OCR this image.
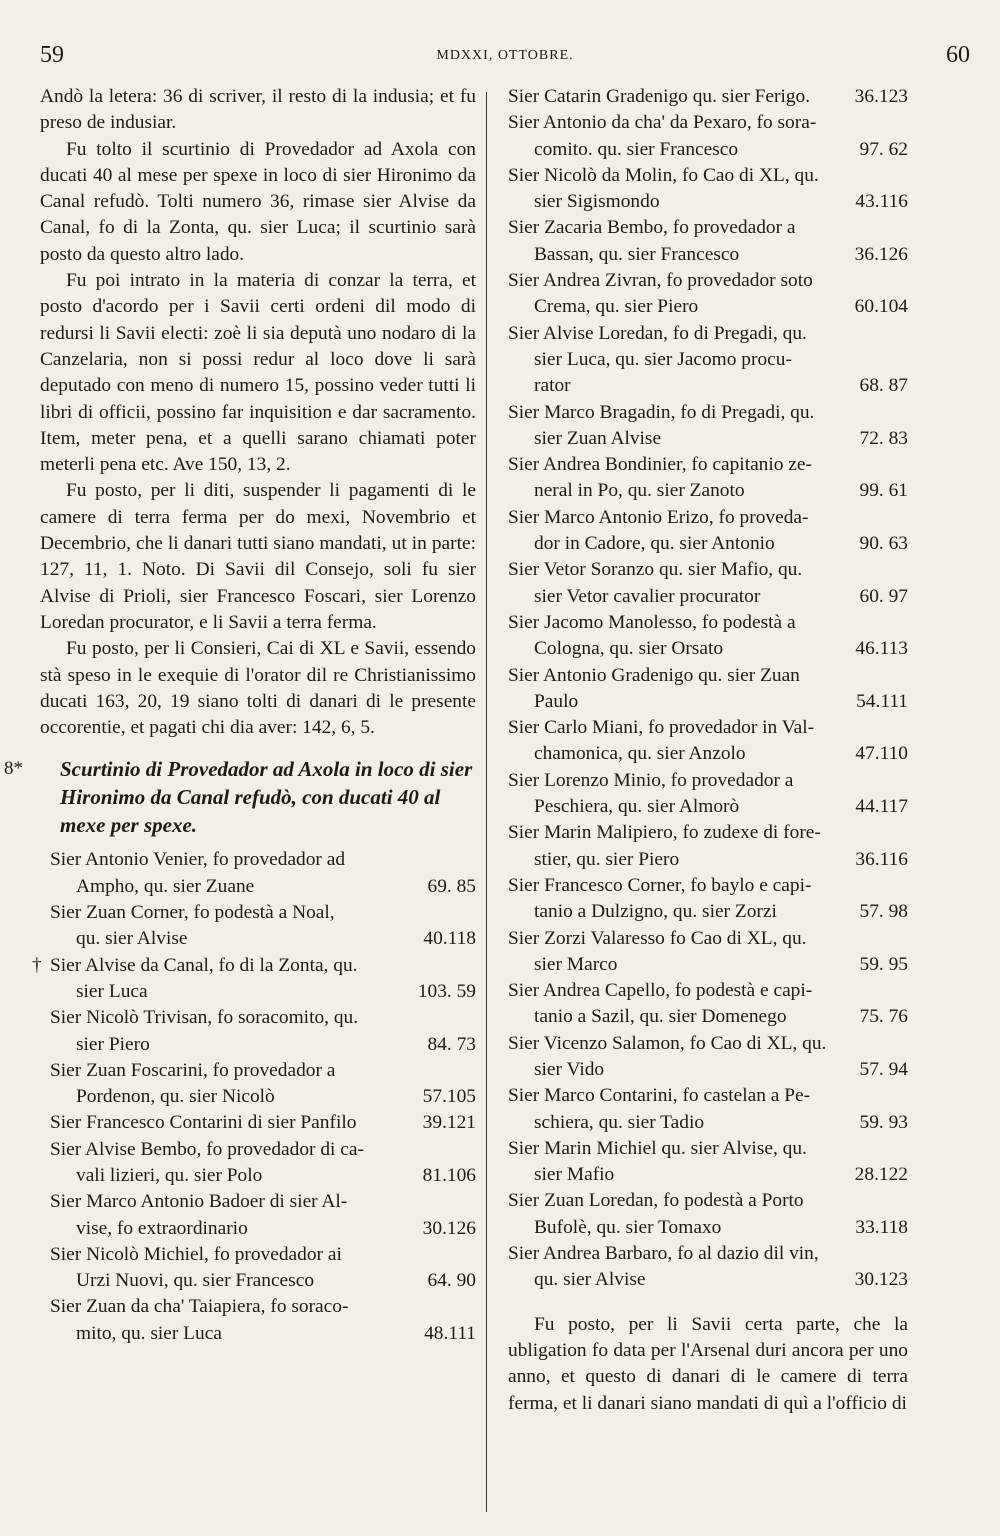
59	MDXXI, OTTOBRE.	60

Andò la letera: 36 di scriver, il resto di la indusia; et fu preso de indusiar.

Fu tolto il scurtinio di Provedador ad Axola con ducati 40 al mese per spexe in loco di sier Hironimo da Canal refudò. Tolti numero 36, rimase sier Alvise da Canal, fo di la Zonta, qu. sier Luca; il scurtinio sarà posto da questo altro lado.

Fu poi intrato in la materia di conzar la terra, et posto d'acordo per i Savii certi ordeni dil modo di redursi li Savii electi: zoè li sia deputà uno nodaro di la Canzelaria, non si possi redur al loco dove li sarà deputado con meno di numero 15, possino veder tutti li libri di officii, possino far inquisition e dar sacramento. Item, meter pena, et a quelli sarano chiamati poter meterli pena etc. Ave 150, 13, 2.

Fu posto, per li diti, suspender li pagamenti di le camere di terra ferma per do mexi, Novembrio et Decembrio, che li danari tutti siano mandati, ut in parte: 127, 11, 1. Noto. Di Savii dil Consejo, soli fu sier Alvise di Prioli, sier Francesco Foscari, sier Lorenzo Loredan procurator, e li Savii a terra ferma.

Fu posto, per li Consieri, Cai di XL e Savii, essendo stà speso in le exequie di l'orator dil re Christianissimo ducati 163, 20, 19 siano tolti di danari di le presente occorentie, et pagati chi dia aver: 142, 6, 5.

8* Scurtinio di Provedador ad Axola in loco di sier Hironimo da Canal refudò, con ducati 40 al mexe per spexe.
Sier Antonio Venier, fo provedador ad
Ampho, qu. sier Zuane	69. 85
Sier Zuan Corner, fo podestà a Noal,
qu. sier Alvise	40.118
† Sier Alvise da Canal, fo di la Zonta, qu.
sier Luca	103. 59
Sier Nicolò Trivisan, fo soracomito, qu.
sier Piero	84. 73
Sier Zuan Foscarini, fo provedador a
Pordenon, qu. sier Nicolò	57.105
Sier Francesco Contarini di sier Panfilo	39.121
Sier Alvise Bembo, fo provedador di ca-
vali lizieri, qu. sier Polo	81.106
Sier Marco Antonio Badoer di sier Al-
vise, fo extraordinario	30.126
Sier Nicolò Michiel, fo provedador ai
Urzi Nuovi, qu. sier Francesco	64. 90
Sier Zuan da cha' Taiapiera, fo soraco-
mito, qu. sier Luca	48.111
Sier Catarin Gradenigo qu. sier Ferigo.	36.123
Sier Antonio da cha' da Pexaro, fo sora-
comito. qu. sier Francesco	97. 62
Sier Nicolò da Molin, fo Cao di XL, qu.
sier Sigismondo	43.116
Sier Zacaria Bembo, fo provedador a
Bassan, qu. sier Francesco	36.126
Sier Andrea Zivran, fo provedador soto
Crema, qu. sier Piero	60.104
Sier Alvise Loredan, fo di Pregadi, qu.
sier Luca, qu. sier Jacomo procu-
rator	68. 87
Sier Marco Bragadin, fo di Pregadi, qu.
sier Zuan Alvise	72. 83
Sier Andrea Bondinier, fo capitanio ze-
neral in Po, qu. sier Zanoto	99. 61
Sier Marco Antonio Erizo, fo proveda-
dor in Cadore, qu. sier Antonio	90. 63
Sier Vetor Soranzo qu. sier Mafio, qu.
sier Vetor cavalier procurator	60. 97
Sier Jacomo Manolesso, fo podestà a
Cologna, qu. sier Orsato	46.113
Sier Antonio Gradenigo qu. sier Zuan
Paulo	54.111
Sier Carlo Miani, fo provedador in Val-
chamonica, qu. sier Anzolo	47.110
Sier Lorenzo Minio, fo provedador a
Peschiera, qu. sier Almorò	44.117
Sier Marin Malipiero, fo zudexe di fore-
stier, qu. sier Piero	36.116
Sier Francesco Corner, fo baylo e capi-
tanio a Dulzigno, qu. sier Zorzi	57. 98
Sier Zorzi Valaresso fo Cao di XL, qu.
sier Marco	59. 95
Sier Andrea Capello, fo podestà e capi-
tanio a Sazil, qu. sier Domenego	75. 76
Sier Vicenzo Salamon, fo Cao di XL, qu.
sier Vido	57. 94
Sier Marco Contarini, fo castelan a Pe-
schiera, qu. sier Tadio	59. 93
Sier Marin Michiel qu. sier Alvise, qu.
sier Mafio	28.122
Sier Zuan Loredan, fo podestà a Porto
Bufolè, qu. sier Tomaxo	33.118
Sier Andrea Barbaro, fo al dazio dil vin,
qu. sier Alvise	30.123

Fu posto, per li Savii certa parte, che la ubligation fo data per l'Arsenal duri ancora per uno anno, et questo di danari di le camere di terra ferma, et li danari siano mandati di quì a l'officio di
